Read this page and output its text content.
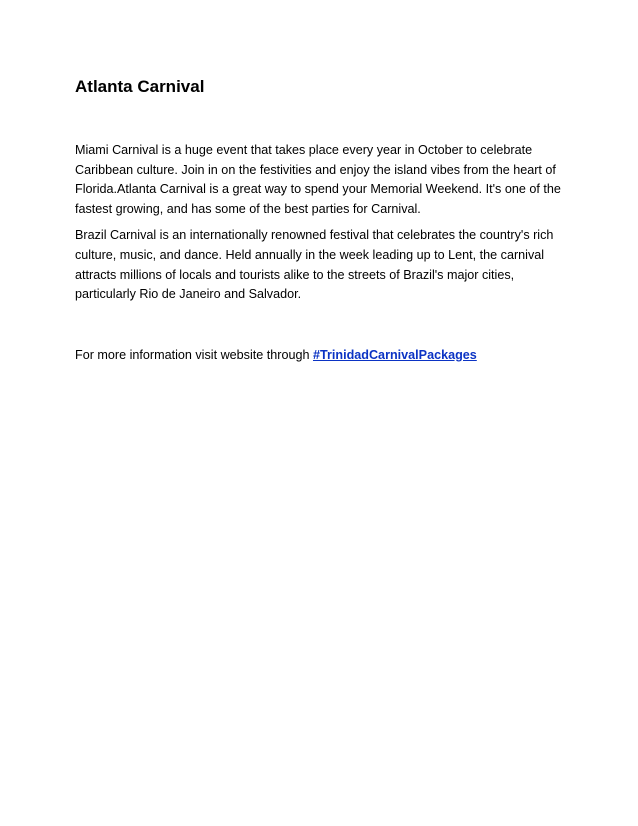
Atlanta Carnival

Miami Carnival is a huge event that takes place every year in October to celebrate Caribbean culture. Join in on the festivities and enjoy the island vibes from the heart of Florida.Atlanta Carnival is a great way to spend your Memorial Weekend. It's one of the fastest growing, and has some of the best parties for Carnival.

Brazil Carnival is an internationally renowned festival that celebrates the country's rich culture, music, and dance. Held annually in the week leading up to Lent, the carnival attracts millions of locals and tourists alike to the streets of Brazil's major cities, particularly Rio de Janeiro and Salvador.

For more information visit website through #TrinidadCarnivalPackages
